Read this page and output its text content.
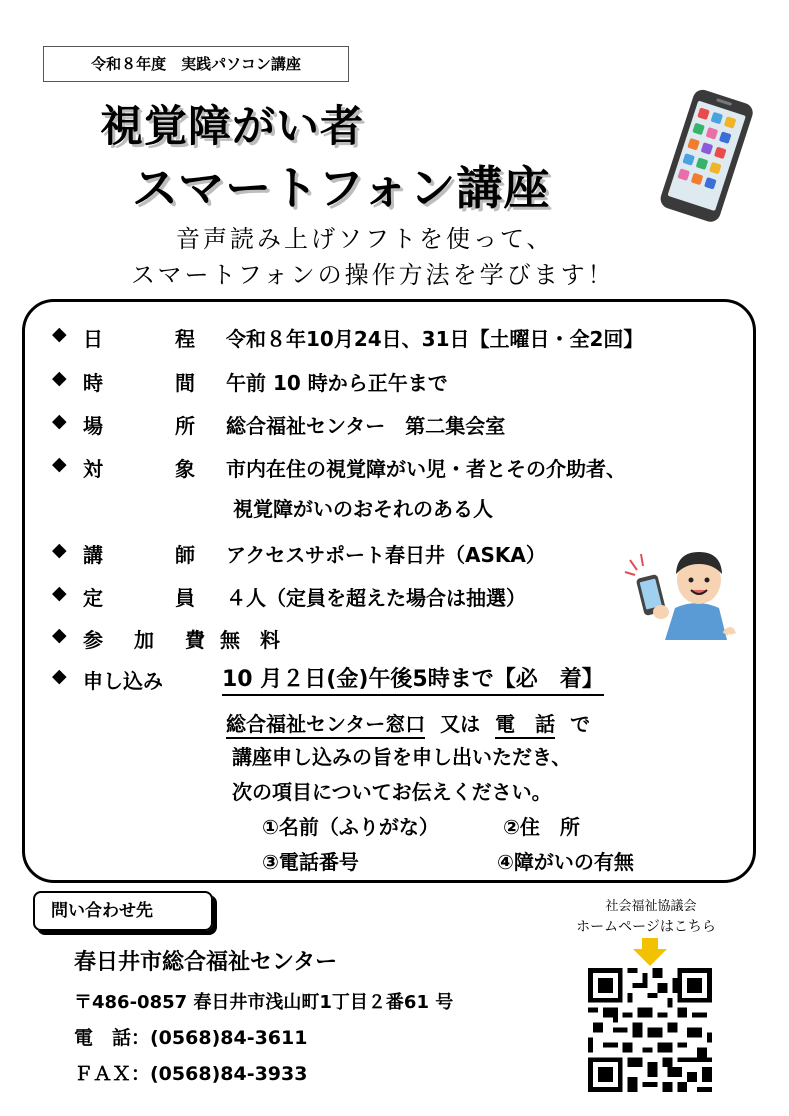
令和８年度　実践パソコン講座
視覚障がい者
スマートフォン講座
音声読み上げソフトを使って、
スマートフォンの操作方法を学びます！
◆ 日	程 令和８年10月24日、31日【土曜日・全2回】
◆ 時	間 午前 10 時から正午まで
◆ 場	所 総合福祉センター　第二集会室
◆ 対	象 市内在住の視覚障がい児・者とその介助者、
視覚障がいのおそれのある人
◆ 講	師 アクセスサポート春日井（ASKA）
◆ 定	員 ４人（定員を超えた場合は抽選）
◆ 参 加 費 無　料
◆ 申し込み	10 月２日(金)午後5時まで【必　着】
総合福祉センター窓口 又は 電　話 で
講座申し込みの旨を申し出いただき、
次の項目についてお伝えください。
①名前（ふりがな）	②住　所
③電話番号	④障がいの有無
問い合わせ先
春日井市総合福祉センター
〒486-0857 春日井市浅山町1丁目２番61 号
電　話：(0568)84-3611
ＦＡＸ：(0568)84-3933
社会福祉協議会
ホームページはこちら
